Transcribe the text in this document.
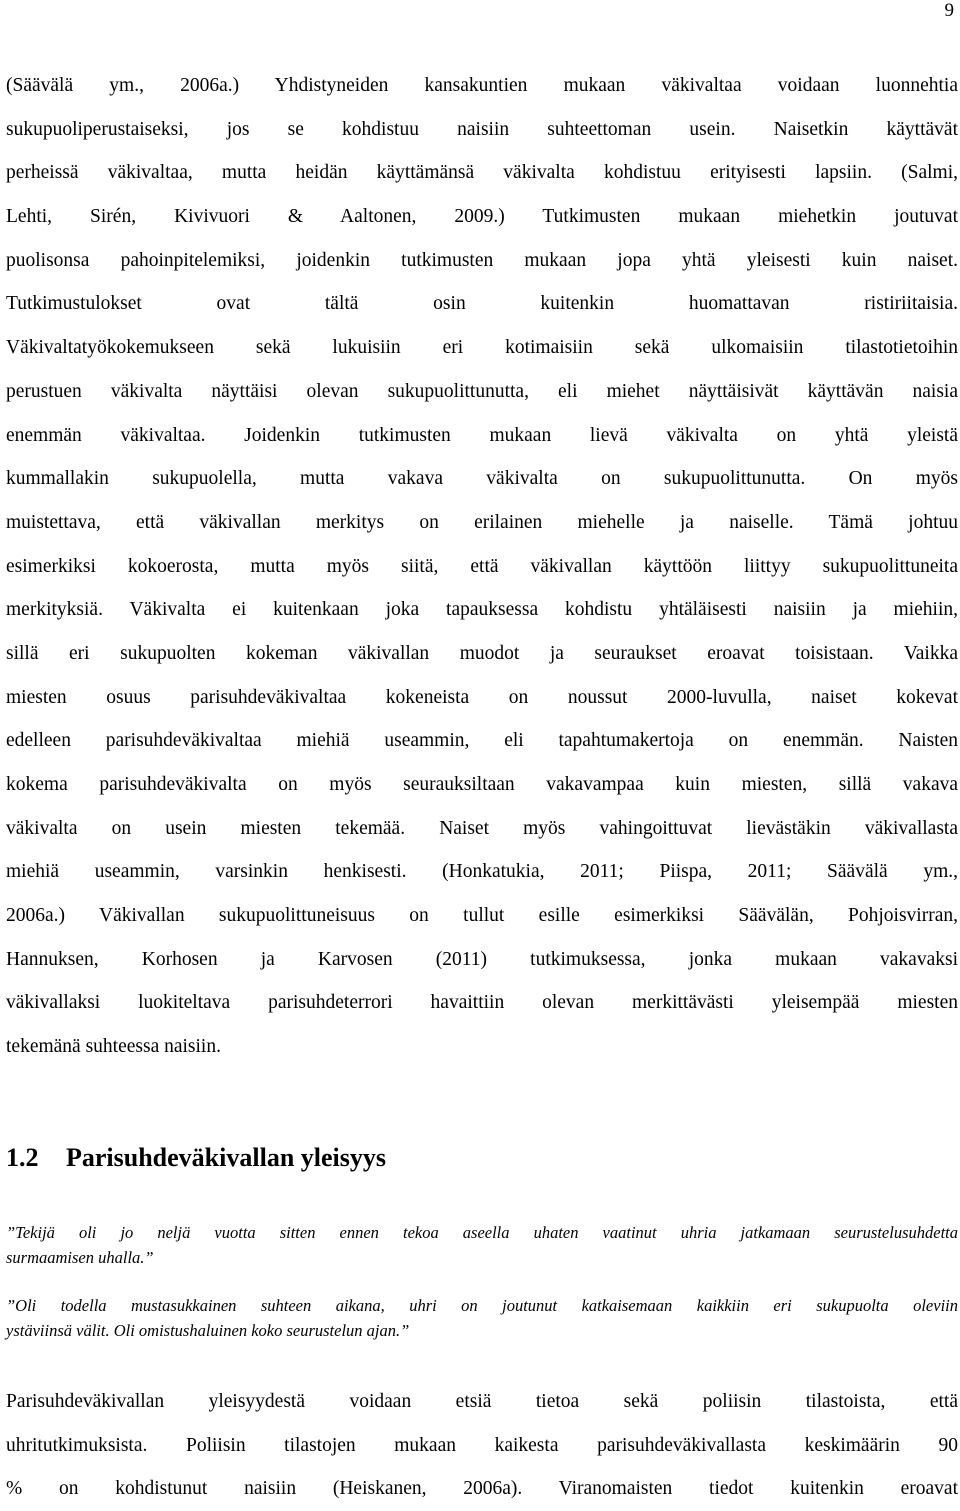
9
(Säävälä ym., 2006a.) Yhdistyneiden kansakuntien mukaan väkivaltaa voidaan luonnehtia
sukupuoliperustaiseksi, jos se kohdistuu naisiin suhteettoman usein. Naisetkin käyttävät
perheissä väkivaltaa, mutta heidän käyttämänsä väkivalta kohdistuu erityisesti lapsiin. (Salmi,
Lehti, Sirén, Kivivuori & Aaltonen, 2009.) Tutkimusten mukaan miehetkin joutuvat
puolisonsa pahoinpitelemiksi, joidenkin tutkimusten mukaan jopa yhtä yleisesti kuin naiset.
Tutkimustulokset ovat tältä osin kuitenkin huomattavan ristiriitaisia.
Väkivaltatyökokemukseen sekä lukuisiin eri kotimaisiin sekä ulkomaisiin tilastotietoihin
perustuen väkivalta näyttäisi olevan sukupuolittunutta, eli miehet näyttäisivät käyttävän naisia
enemmän väkivaltaa. Joidenkin tutkimusten mukaan lievä väkivalta on yhtä yleistä
kummallakin sukupuolella, mutta vakava väkivalta on sukupuolittunutta. On myös
muistettava, että väkivallan merkitys on erilainen miehelle ja naiselle. Tämä johtuu
esimerkiksi kokoerosta, mutta myös siitä, että väkivallan käyttöön liittyy sukupuolittuneita
merkityksiä. Väkivalta ei kuitenkaan joka tapauksessa kohdistu yhtäläisesti naisiin ja miehiin,
sillä eri sukupuolten kokeman väkivallan muodot ja seuraukset eroavat toisistaan. Vaikka
miesten osuus parisuhdeväkivaltaa kokeneista on noussut 2000-luvulla, naiset kokevat
edelleen parisuhdeväkivaltaa miehiä useammin, eli tapahtumakertoja on enemmän. Naisten
kokema parisuhdeväkivalta on myös seurauksiltaan vakavampaa kuin miesten, sillä vakava
väkivalta on usein miesten tekemää. Naiset myös vahingoittuvat lievästäkin väkivallasta
miehiä useammin, varsinkin henkisesti. (Honkatukia, 2011; Piispa, 2011; Säävälä ym.,
2006a.) Väkivallan sukupuolittuneisuus on tullut esille esimerkiksi Säävälän, Pohjoisvirran,
Hannuksen, Korhosen ja Karvosen (2011) tutkimuksessa, jonka mukaan vakavaksi
väkivallaksi luokiteltava parisuhdeterrori havaittiin olevan merkittävästi yleisempää miesten
tekemänä suhteessa naisiin.
1.2 Parisuhdeväkivallan yleisyys
”Tekijä oli jo neljä vuotta sitten ennen tekoa aseella uhaten vaatinut uhria jatkamaan seurustelusuhdetta
surmaamisen uhalla.”
”Oli todella mustasukkainen suhteen aikana, uhri on joutunut katkaisemaan kaikkiin eri sukupuolta oleviin
ystäviinsä välit. Oli omistushaluinen koko seurustelun ajan.”
Parisuhdeväkivallan yleisyydestä voidaan etsiä tietoa sekä poliisin tilastoista, että
uhritutkimuksista. Poliisin tilastojen mukaan kaikesta parisuhdeväkivallasta keskimäärin 90
% on kohdistunut naisiin (Heiskanen, 2006a). Viranomaisten tiedot kuitenkin eroavat
